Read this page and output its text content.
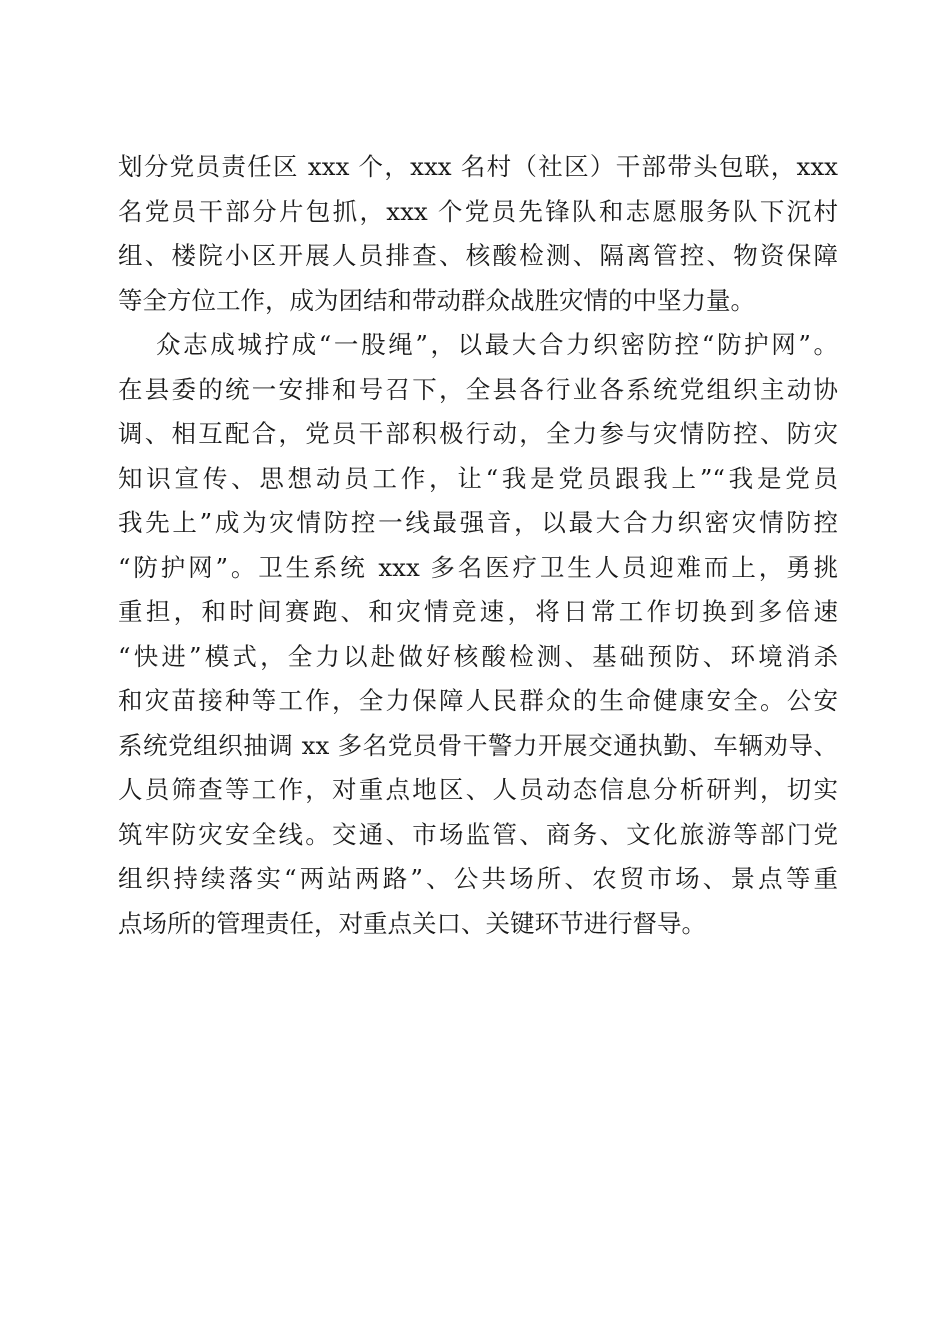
划分党员责任区 xxx 个，xxx 名村（社区）干部带头包联，xxx
名党员干部分片包抓，xxx 个党员先锋队和志愿服务队下沉村
组、楼院小区开展人员排查、核酸检测、隔离管控、物资保障
等全方位工作，成为团结和带动群众战胜灾情的中坚力量。
众志成城拧成“一股绳”，以最大合力织密防控“防护网”。
在县委的统一安排和号召下，全县各行业各系统党组织主动协
调、相互配合，党员干部积极行动，全力参与灾情防控、防灾
知识宣传、思想动员工作，让“我是党员跟我上”“我是党员
我先上”成为灾情防控一线最强音，以最大合力织密灾情防控
“防护网”。卫生系统 xxx 多名医疗卫生人员迎难而上，勇挑
重担，和时间赛跑、和灾情竞速，将日常工作切换到多倍速
“快进”模式，全力以赴做好核酸检测、基础预防、环境消杀
和灾苗接种等工作，全力保障人民群众的生命健康安全。公安
系统党组织抽调 xx 多名党员骨干警力开展交通执勤、车辆劝导、
人员筛查等工作，对重点地区、人员动态信息分析研判，切实
筑牢防灾安全线。交通、市场监管、商务、文化旅游等部门党
组织持续落实“两站两路”、公共场所、农贸市场、景点等重
点场所的管理责任，对重点关口、关键环节进行督导。
